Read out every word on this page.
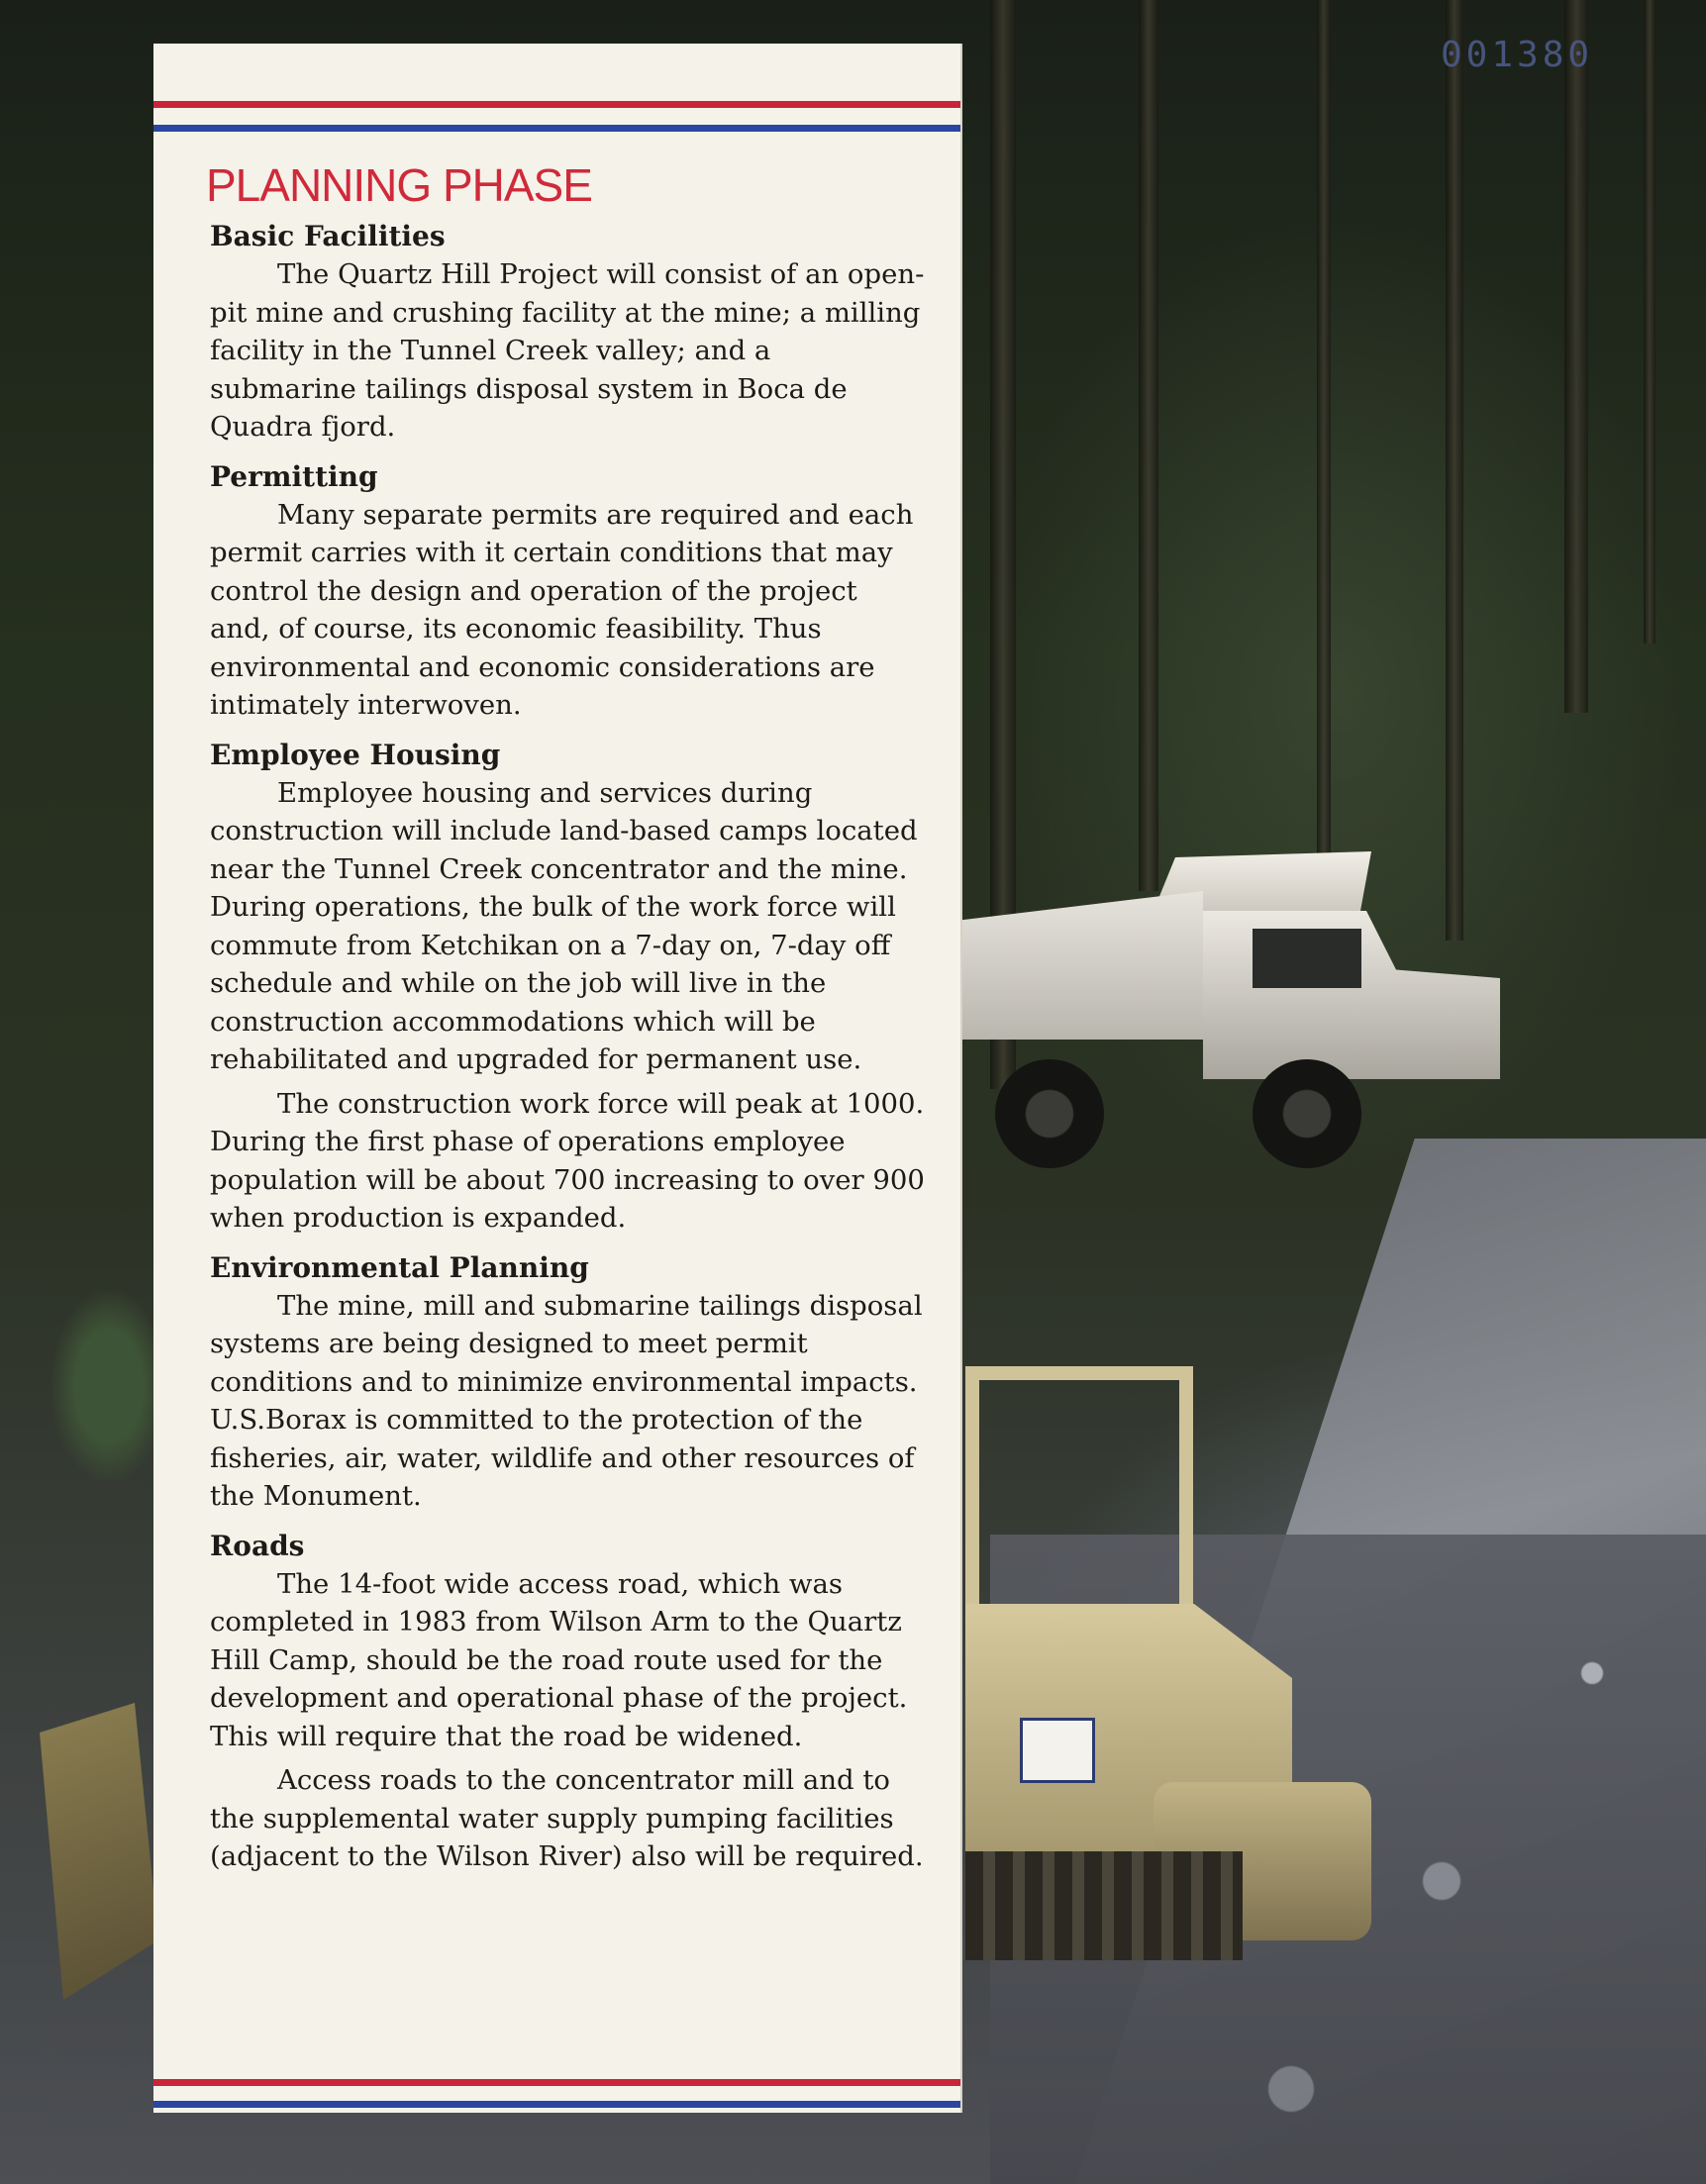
001380
PLANNING PHASE
Basic Facilities

The Quartz Hill Project will consist of an open-pit mine and crushing facility at the mine; a milling facility in the Tunnel Creek valley; and a submarine tailings disposal system in Boca de Quadra fjord.

Permitting

Many separate permits are required and each permit carries with it certain conditions that may control the design and operation of the project and, of course, its economic feasibility. Thus environmental and economic considerations are intimately interwoven.

Employee Housing

Employee housing and services during construction will include land-based camps located near the Tunnel Creek concentrator and the mine. During operations, the bulk of the work force will commute from Ketchikan on a 7-day on, 7-day off schedule and while on the job will live in the construction accommodations which will be rehabilitated and upgraded for permanent use.

The construction work force will peak at 1000. During the first phase of operations employee population will be about 700 increasing to over 900 when production is expanded.

Environmental Planning

The mine, mill and submarine tailings disposal systems are being designed to meet permit conditions and to minimize environmental impacts. U.S.Borax is committed to the protection of the fisheries, air, water, wildlife and other resources of the Monument.

Roads

The 14-foot wide access road, which was completed in 1983 from Wilson Arm to the Quartz Hill Camp, should be the road route used for the development and operational phase of the project. This will require that the road be widened.

Access roads to the concentrator mill and to the supplemental water supply pumping facilities (adjacent to the Wilson River) also will be required.
